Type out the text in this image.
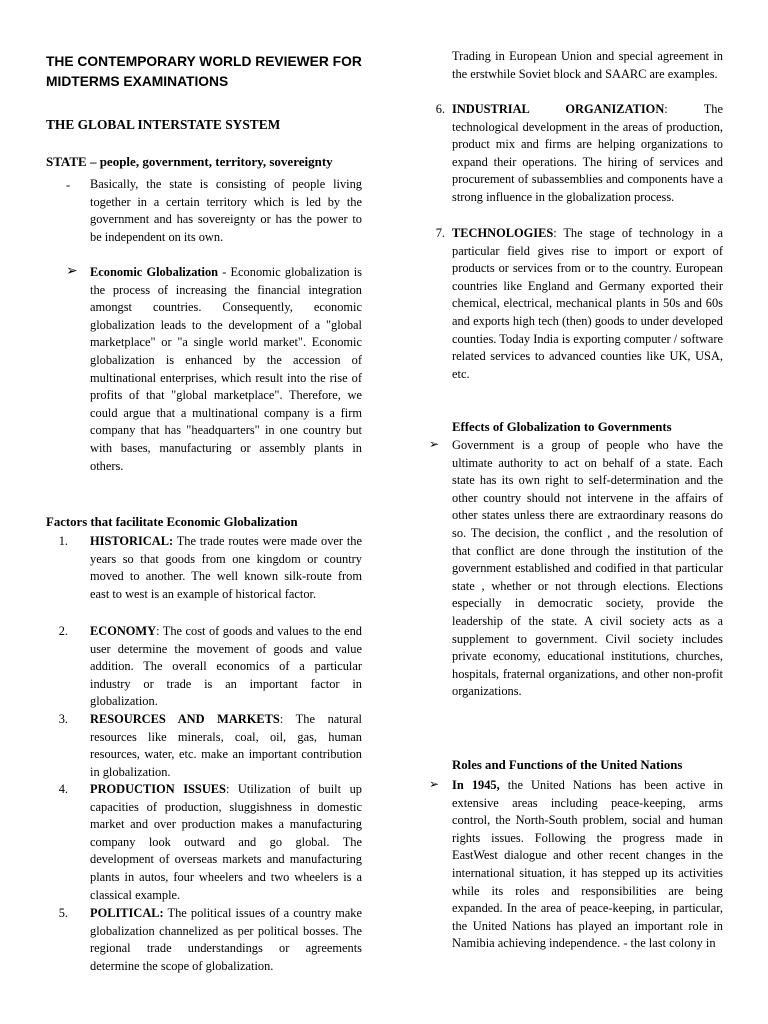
THE CONTEMPORARY WORLD REVIEWER FOR MIDTERMS EXAMINATIONS
THE GLOBAL INTERSTATE SYSTEM
STATE – people, government, territory, sovereignty
- Basically, the state is consisting of people living together in a certain territory which is led by the government and has sovereignty or has the power to be independent on its own.

➢ Economic Globalization - Economic globalization is the process of increasing the financial integration amongst countries. Consequently, economic globalization leads to the development of a "global marketplace" or "a single world market". Economic globalization is enhanced by the accession of multinational enterprises, which result into the rise of profits of that "global marketplace". Therefore, we could argue that a multinational company is a firm company that has "headquarters" in one country but with bases, manufacturing or assembly plants in others.

Factors that facilitate Economic Globalization
1. HISTORICAL: The trade routes were made over the years so that goods from one kingdom or country moved to another. The well known silk-route from east to west is an example of historical factor.

2. ECONOMY: The cost of goods and values to the end user determine the movement of goods and value addition. The overall economics of a particular industry or trade is an important factor in globalization.

3. RESOURCES AND MARKETS: The natural resources like minerals, coal, oil, gas, human resources, water, etc. make an important contribution in globalization.

4. PRODUCTION ISSUES: Utilization of built up capacities of production, sluggishness in domestic market and over production makes a manufacturing company look outward and go global. The development of overseas markets and manufacturing plants in autos, four wheelers and two wheelers is a classical example.

5. POLITICAL: The political issues of a country make globalization channelized as per political bosses. The regional trade understandings or agreements determine the scope of globalization.

Trading in European Union and special agreement in the erstwhile Soviet block and SAARC are examples.

6. INDUSTRIAL ORGANIZATION: The technological development in the areas of production, product mix and firms are helping organizations to expand their operations. The hiring of services and procurement of subassemblies and components have a strong influence in the globalization process.

7. TECHNOLOGIES: The stage of technology in a particular field gives rise to import or export of products or services from or to the country. European countries like England and Germany exported their chemical, electrical, mechanical plants in 50s and 60s and exports high tech (then) goods to under developed counties. Today India is exporting computer / software related services to advanced counties like UK, USA, etc.

Effects of Globalization to Governments
➢ Government is a group of people who have the ultimate authority to act on behalf of a state. Each state has its own right to self-determination and the other country should not intervene in the affairs of other states unless there are extraordinary reasons do so. The decision, the conflict , and the resolution of that conflict are done through the institution of the government established and codified in that particular state , whether or not through elections. Elections especially in democratic society, provide the leadership of the state. A civil society acts as a supplement to government. Civil society includes private economy, educational institutions, churches, hospitals, fraternal organizations, and other non-profit organizations.

Roles and Functions of the United Nations
➢ In 1945, the United Nations has been active in extensive areas including peace-keeping, arms control, the North-South problem, social and human rights issues. Following the progress made in EastWest dialogue and other recent changes in the international situation, it has stepped up its activities while its roles and responsibilities are being expanded. In the area of peace-keeping, in particular, the United Nations has played an important role in Namibia achieving independence. - the last colony in
